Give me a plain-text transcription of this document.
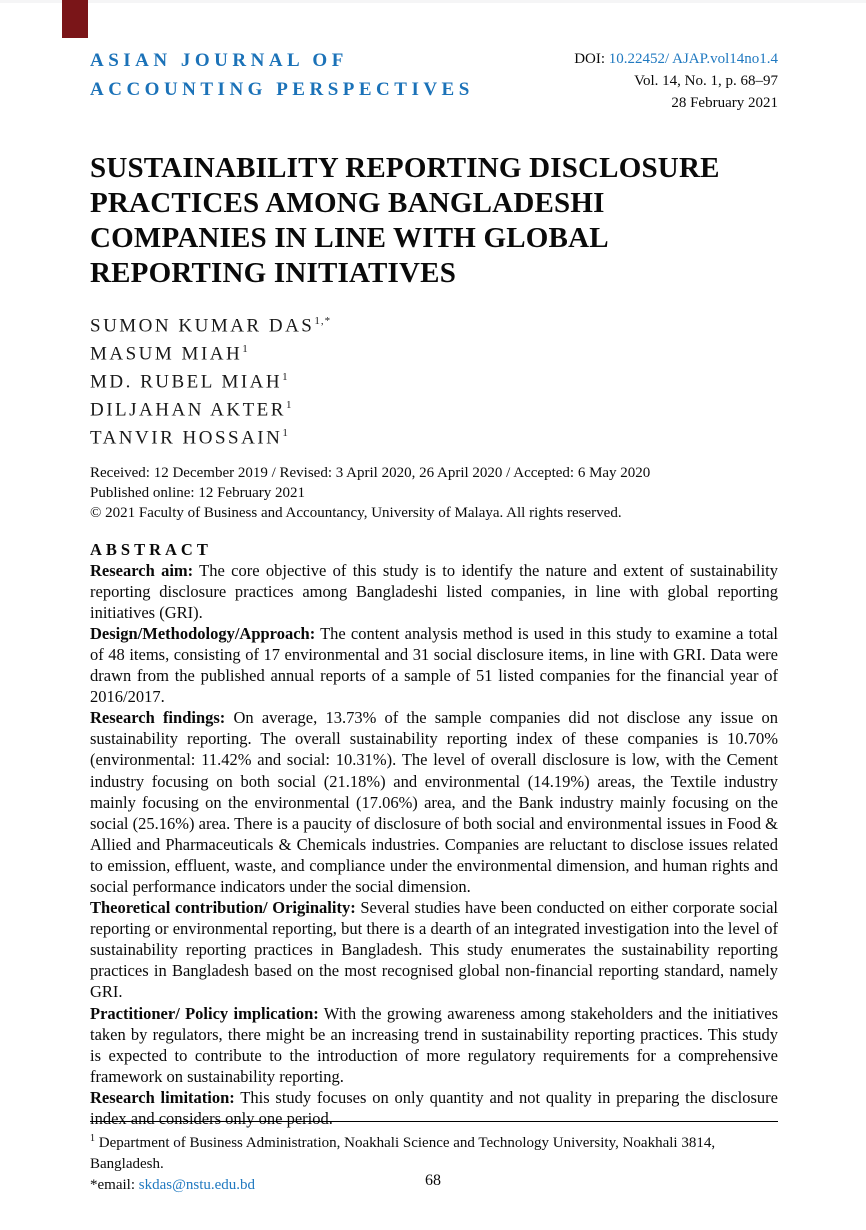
ASIAN JOURNAL OF
ACCOUNTING PERSPECTIVES
DOI: 10.22452/ AJAP.vol14no1.4
Vol. 14, No. 1, p. 68–97
28 February 2021
SUSTAINABILITY REPORTING DISCLOSURE PRACTICES AMONG BANGLADESHI COMPANIES IN LINE WITH GLOBAL REPORTING INITIATIVES
SUMON KUMAR $DAS^{1,*}$
MASUM MIAH$^1$
MD. RUBEL MIAH$^1$
DILJAHAN AKTER$^1$
TANVIR HOSSAIN$^1$
Received: 12 December 2019 / Revised: 3 April 2020, 26 April 2020 / Accepted: 6 May 2020
Published online: 12 February 2021
© 2021 Faculty of Business and Accountancy, University of Malaya. All rights reserved.
ABSTRACT

Research aim: The core objective of this study is to identify the nature and extent of sustainability reporting disclosure practices among Bangladeshi listed companies, in line with global reporting initiatives (GRI).

Design/Methodology/Approach: The content analysis method is used in this study to examine a total of 48 items, consisting of 17 environmental and 31 social disclosure items, in line with GRI. Data were drawn from the published annual reports of a sample of 51 listed companies for the financial year of 2016/2017.

Research findings: On average, 13.73% of the sample companies did not disclose any issue on sustainability reporting. The overall sustainability reporting index of these companies is 10.70% (environmental: 11.42% and social: 10.31%). The level of overall disclosure is low, with the Cement industry focusing on both social (21.18%) and environmental (14.19%) areas, the Textile industry mainly focusing on the environmental (17.06%) area, and the Bank industry mainly focusing on the social (25.16%) area. There is a paucity of disclosure of both social and environmental issues in Food & Allied and Pharmaceuticals & Chemicals industries. Companies are reluctant to disclose issues related to emission, effluent, waste, and compliance under the environmental dimension, and human rights and social performance indicators under the social dimension.

Theoretical contribution/ Originality: Several studies have been conducted on either corporate social reporting or environmental reporting, but there is a dearth of an integrated investigation into the level of sustainability reporting practices in Bangladesh. This study enumerates the sustainability reporting practices in Bangladesh based on the most recognised global non-financial reporting standard, namely GRI.

Practitioner/ Policy implication: With the growing awareness among stakeholders and the initiatives taken by regulators, there might be an increasing trend in sustainability reporting practices. This study is expected to contribute to the introduction of more regulatory requirements for a comprehensive framework on sustainability reporting.

Research limitation: This study focuses on only quantity and not quality in preparing the disclosure index and considers only one period.

$^1$ Department of Business Administration, Noakhali Science and Technology University, Noakhali 3814, Bangladesh.
*email: skdas@nstu.edu.bd	68
